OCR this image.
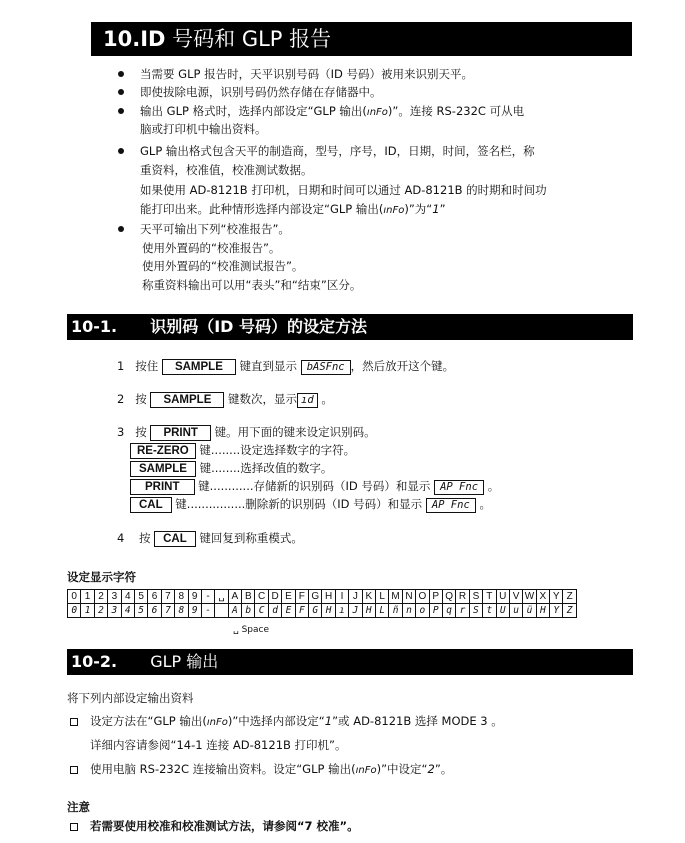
10.ID 号码和 GLP 报告
当需要 GLP 报告时，天平识别号码（ID 号码）被用来识别天平。
即使拔除电源，识别号码仍然存储在存储器中。
输出 GLP 格式时，选择内部设定“GLP 输出(ınFo)”。连接 RS-232C 可从电
脑或打印机中输出资料。
GLP 输出格式包含天平的制造商，型号，序号，ID，日期，时间，签名栏，称
重资料，校准值，校准测试数据。
如果使用 AD-8121B 打印机，日期和时间可以通过 AD-8121B 的时期和时间功
能打印出来。此种情形选择内部设定“GLP 输出(ınFo)”为“1”
天平可输出下列“校准报告”。
使用外置码的“校准报告”。
使用外置码的“校准测试报告”。
称重资料输出可以用“表头”和“结束”区分。
10-1. 识别码（ID 号码）的设定方法
1 按住 SAMPLE 键直到显示 bASFnc ，然后放开这个键。
2 按 SAMPLE 键数次，显示 ıd 。
3 按 PRINT 键。用下面的键来设定识别码。
RE-ZERO 键........设定选择数字的字符。
SAMPLE 键........选择改值的数字。
PRINT 键............存储新的识别码（ID 号码）和显示 AP Fnc 。
CAL 键................删除新的识别码（ID 号码）和显示 AP Fnc 。
4 按 CAL 键回复到称重模式。
设定显示字符
0	1	2	3	4	5	6	7	8	9	-	␣	A	B	C	D	E	F	G	H	I	J	K	L	M	N	O	P	Q	R	S	T	U	V	W	X	Y	Z
0	1	2	3	4	5	6	7	8	9	-		A	b	C	d	E	F	G	H	ı	J	H	L	ñ	n	o	P	q	r	S	t	U	u	ü	H	Y	Z
␣ Space
10-2. GLP 输出
将下列内部设定输出资料
设定方法在“GLP 输出(ınFo)”中选择内部设定“1”或 AD-8121B 选择 MODE 3 。
详细内容请参阅“14-1 连接 AD-8121B 打印机”。
使用电脑 RS-232C 连接输出资料。设定“GLP 输出(ınFo)”中设定“2”。
注意
若需要使用校准和校准测试方法，请参阅“7 校准”。
